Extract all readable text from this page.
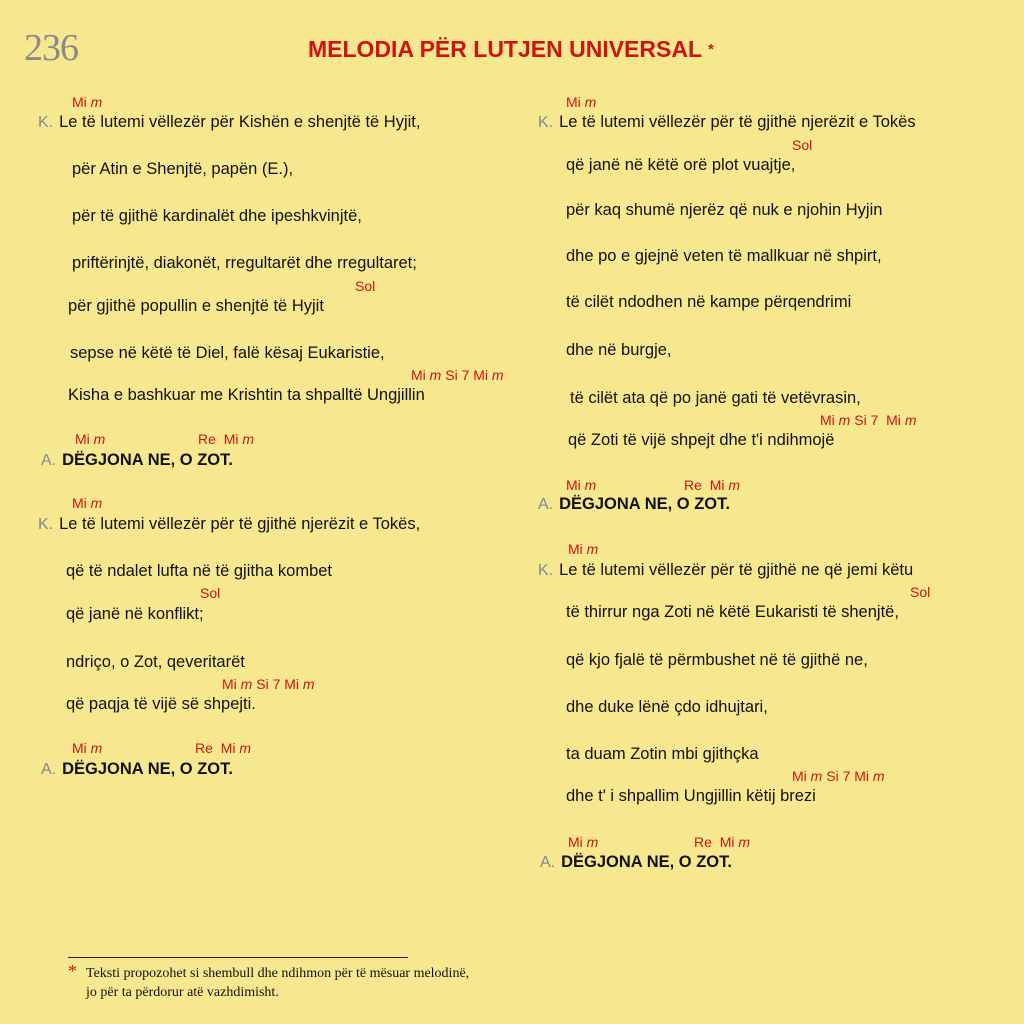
236	MELODIA PËR LUTJEN UNIVERSAL *
Mi m
K. Le të lutemi vëllezër për Kishën e shenjtë të Hyjit,
për Atin e Shenjtë, papën (E.),
për të gjithë kardinalët dhe ipeshkvinjtë,
priftërinjtë, diakonët, rregultarët dhe rregultaret;
Sol
për gjithë popullin e shenjtë të Hyjit
sepse në këtë të Diel, falë kësaj Eukaristie,
Mi m Si 7 Mi m
Kisha e bashkuar me Krishtin ta shpalltë Ungjillin
Mi m	Re Mi m
A. DËGJONA NE, O ZOT.
Mi m
K. Le të lutemi vëllezër për të gjithë njerëzit e Tokës,
që të ndalet lufta në të gjitha kombet
Sol
që janë në konflikt;
ndriço, o Zot, qeveritarët
Mi m Si 7 Mi m
që paqja të vijë së shpejti.
Mi m	Re Mi m
A. DËGJONA NE, O ZOT.
Mi m
K. Le të lutemi vëllezër për të gjithë njerëzit e Tokës
Sol
që janë në këtë orë plot vuajtje,
për kaq shumë njerëz që nuk e njohin Hyjin
dhe po e gjejnë veten të mallkuar në shpirt,
të cilët ndodhen në kampe përqendrimi
dhe në burgje,
të cilët ata që po janë gati të vetëvrasin,
Mi m Si 7 Mi m
që Zoti të vijë shpejt dhe t'i ndihmojë
Mi m	Re Mi m
A. DËGJONA NE, O ZOT.
Mi m
K. Le të lutemi vëllezër për të gjithë ne që jemi këtu
Sol
të thirrur nga Zoti në këtë Eukaristi të shenjtë,
që kjo fjalë të përmbushet në të gjithë ne,
dhe duke lënë çdo idhujtari,
ta duam Zotin mbi gjithçka
Mi m Si 7 Mi m
dhe t' i shpallim Ungjillin këtij brezi
Mi m	Re Mi m
A. DËGJONA NE, O ZOT.
* Teksti propozohet si shembull dhe ndihmon për të mësuar melodinë,
jo për ta përdorur atë vazhdimisht.
